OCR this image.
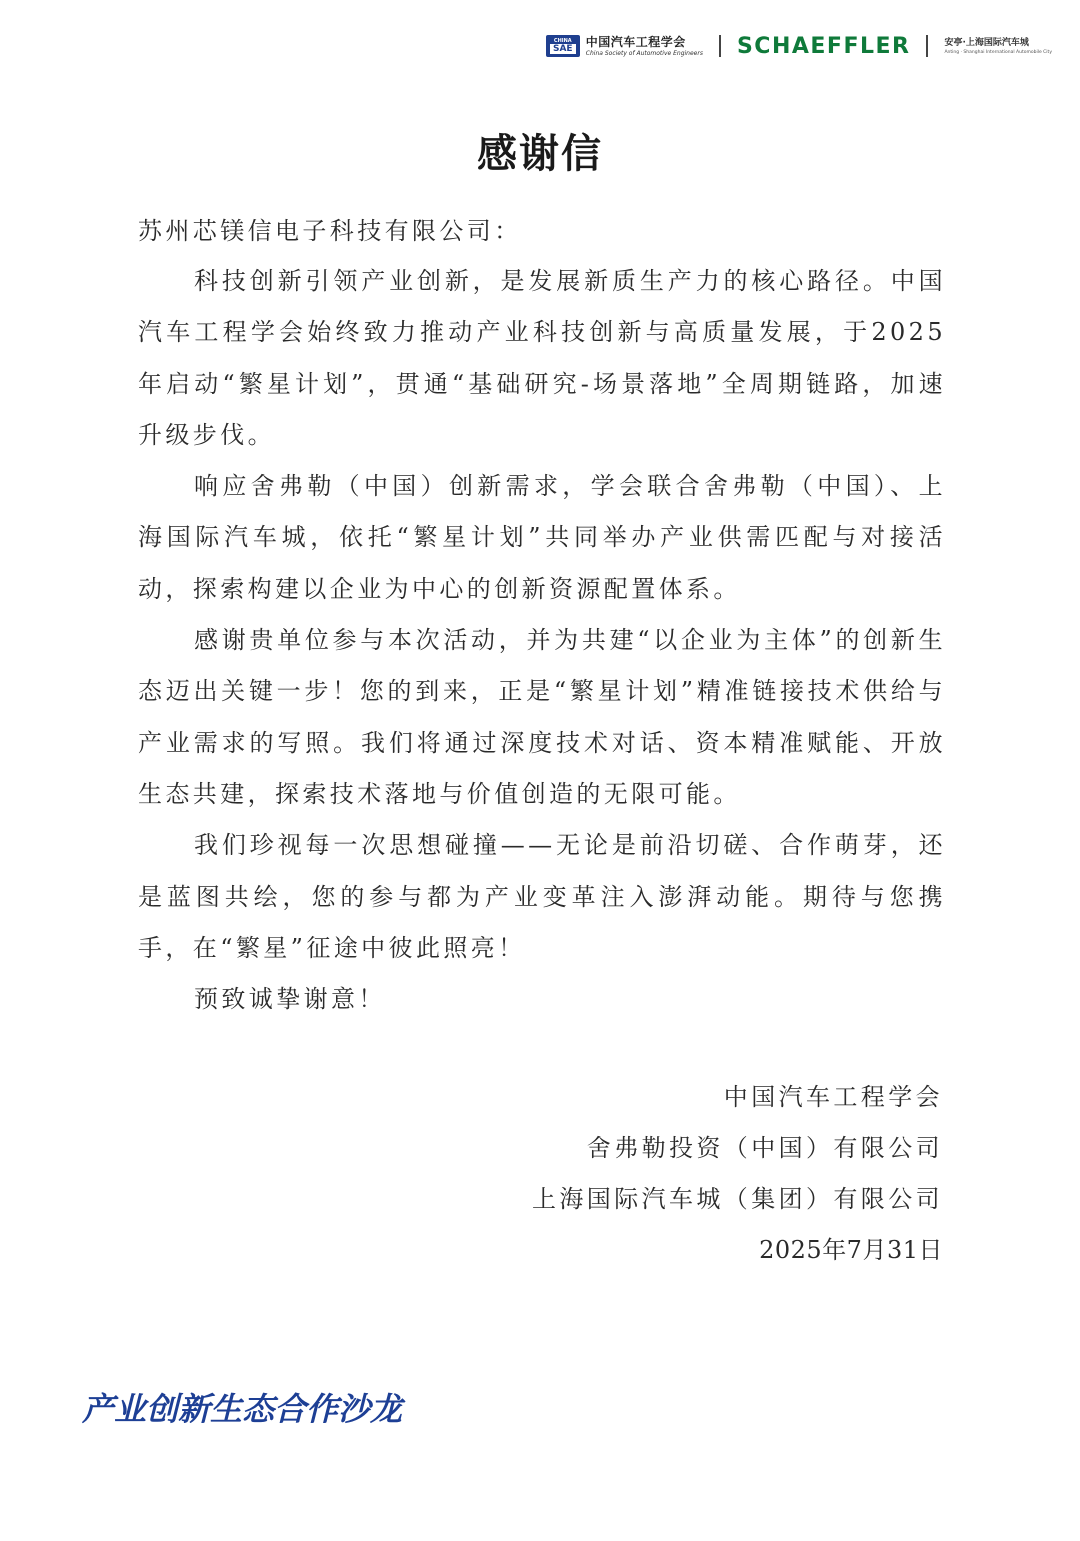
CHINA
SAE
中国汽车工程学会
China Society of Automotive Engineers SCHAEFFLER	安亭·上海国际汽车城
Anting · Shanghai International Automobile City
感谢信

苏州芯镁信电子科技有限公司：

科技创新引领产业创新，是发展新质生产力的核心路径。中国汽车工程学会始终致力推动产业科技创新与高质量发展，于2025年启动“繁星计划”，贯通“基础研究-场景落地”全周期链路，加速升级步伐。

响应舍弗勒（中国）创新需求，学会联合舍弗勒（中国）、上海国际汽车城，依托“繁星计划”共同举办产业供需匹配与对接活动，探索构建以企业为中心的创新资源配置体系。

感谢贵单位参与本次活动，并为共建“以企业为主体”的创新生态迈出关键一步！您的到来，正是“繁星计划”精准链接技术供给与产业需求的写照。我们将通过深度技术对话、资本精准赋能、开放生态共建，探索技术落地与价值创造的无限可能。

我们珍视每一次思想碰撞——无论是前沿切磋、合作萌芽，还是蓝图共绘，您的参与都为产业变革注入澎湃动能。期待与您携手，在“繁星”征途中彼此照亮！

预致诚挚谢意！

中国汽车工程学会
舍弗勒投资（中国）有限公司
上海国际汽车城（集团）有限公司
2025年7月31日
产业创新生态合作沙龙
